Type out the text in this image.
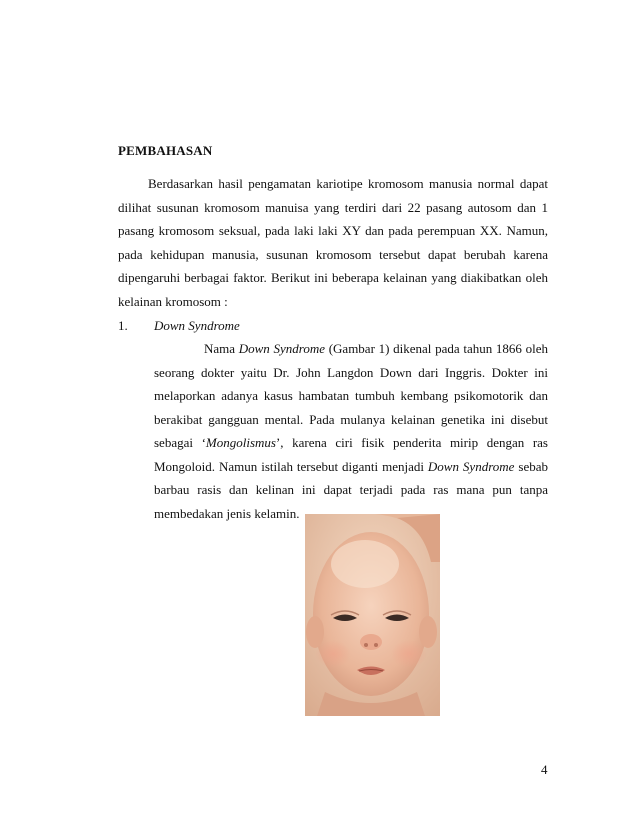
PEMBAHASAN
Berdasarkan hasil pengamatan kariotipe kromosom manusia normal dapat dilihat susunan kromosom manuisa yang terdiri dari 22 pasang autosom dan 1 pasang kromosom seksual, pada laki laki XY dan pada perempuan XX. Namun, pada kehidupan manusia, susunan kromosom tersebut dapat berubah karena dipengaruhi berbagai faktor. Berikut ini beberapa kelainan yang diakibatkan oleh kelainan kromosom :
1. Down Syndrome
Nama Down Syndrome (Gambar 1) dikenal pada tahun 1866 oleh seorang dokter yaitu Dr. John Langdon Down dari Inggris. Dokter ini melaporkan adanya kasus hambatan tumbuh kembang psikomotorik dan berakibat gangguan mental. Pada mulanya kelainan genetika ini disebut sebagai ‘Mongolismus’, karena ciri fisik penderita mirip dengan ras Mongoloid. Namun istilah tersebut diganti menjadi Down Syndrome sebab barbau rasis dan kelinan ini dapat terjadi pada ras mana pun tanpa membedakan jenis kelamin.
4
